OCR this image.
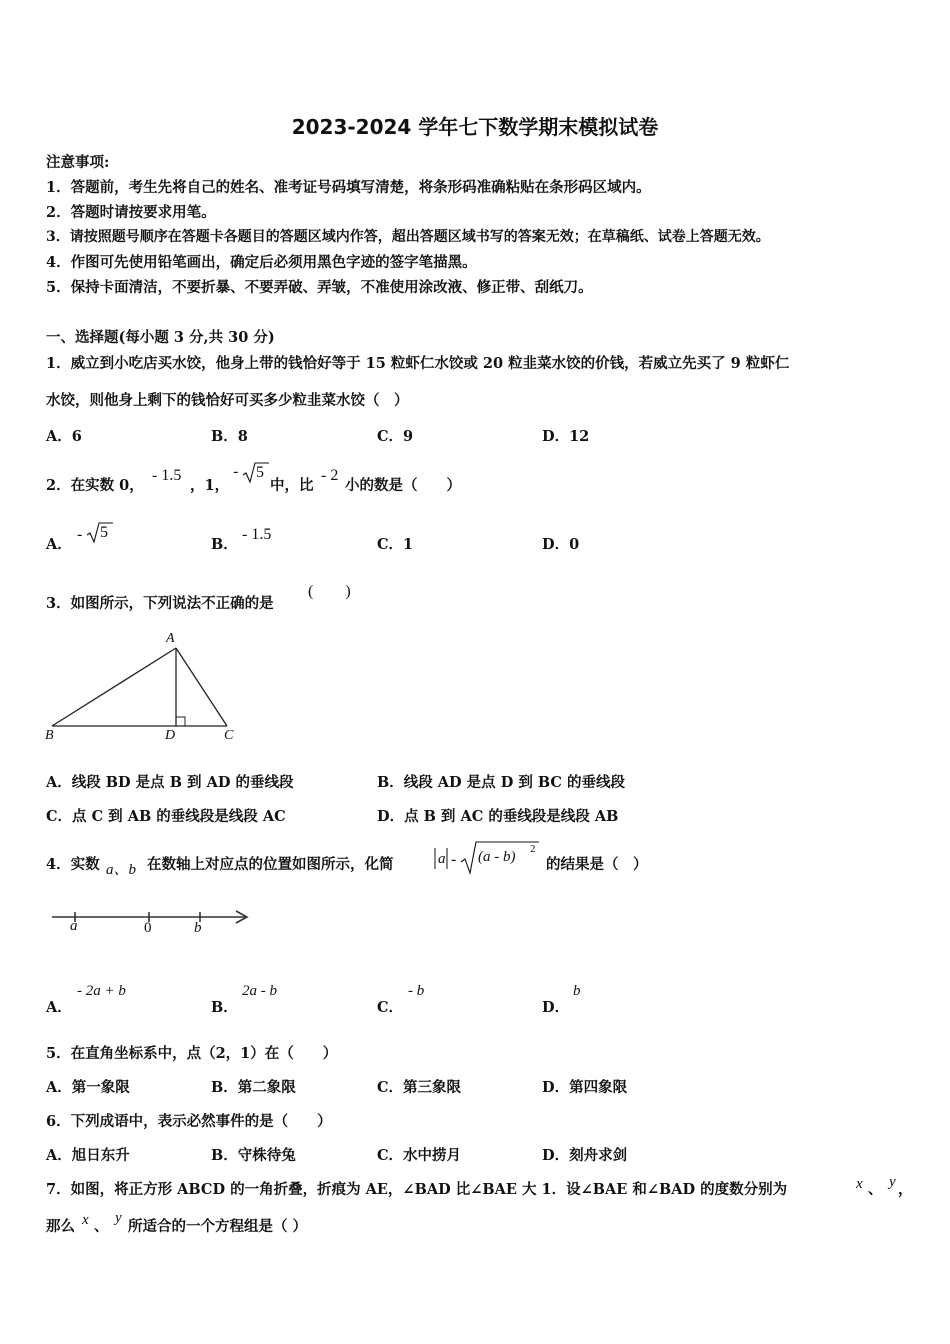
2023-2024 学年七下数学期末模拟试卷
注意事项:
1．答题前，考生先将自己的姓名、准考证号码填写清楚，将条形码准确粘贴在条形码区域内。
2．答题时请按要求用笔。
3．请按照题号顺序在答题卡各题目的答题区域内作答，超出答题区域书写的答案无效；在草稿纸、试卷上答题无效。
4．作图可先使用铅笔画出，确定后必须用黑色字迹的签字笔描黑。
5．保持卡面清洁，不要折暴、不要弄破、弄皱，不准使用涂改液、修正带、刮纸刀。
一、选择题(每小题 3 分,共 30 分)
1．威立到小吃店买水饺，他身上带的钱恰好等于 15 粒虾仁水饺或 20 粒韭菜水饺的价钱，若威立先买了 9 粒虾仁
水饺，则他身上剩下的钱恰好可买多少粒韭菜水饺（　）
A．6	B．8	C．9	D．12
2．在实数 0，
- 1.5
，1，
- 5
中，比
- 2
小的数是（　　）
A．
- 5
B．
- 1.5
C．1	D．0
3．如图所示，下列说法不正确的是
(　　)
A
B	D	C
A．线段 BD 是点 B 到 AD 的垂线段	B．线段 AD 是点 D 到 BC 的垂线段
C．点 C 到 AB 的垂线段是线段 AC	D．点 B 到 AC 的垂线段是线段 AB
4．实数 a、b 在数轴上对应点的位置如图所示，化简	a - (a - b) 2
的结果是（　）
a	0	b
A．
- 2a + b
B．
2a - b
C．
- b
D．
b
5．在直角坐标系中，点（2，1）在（　　）
A．第一象限	B．第二象限	C．第三象限	D．第四象限
6．下列成语中，表示必然事件的是（　　）
A．旭日东升	B．守株待兔	C．水中捞月	D．刻舟求剑
7．如图，将正方形 ABCD 的一角折叠，折痕为 AE，∠BAD 比∠BAE 大 1．设∠BAE 和∠BAD 的度数分别为	x 、 y ，
那么 x 、 y 所适合的一个方程组是（ ）
